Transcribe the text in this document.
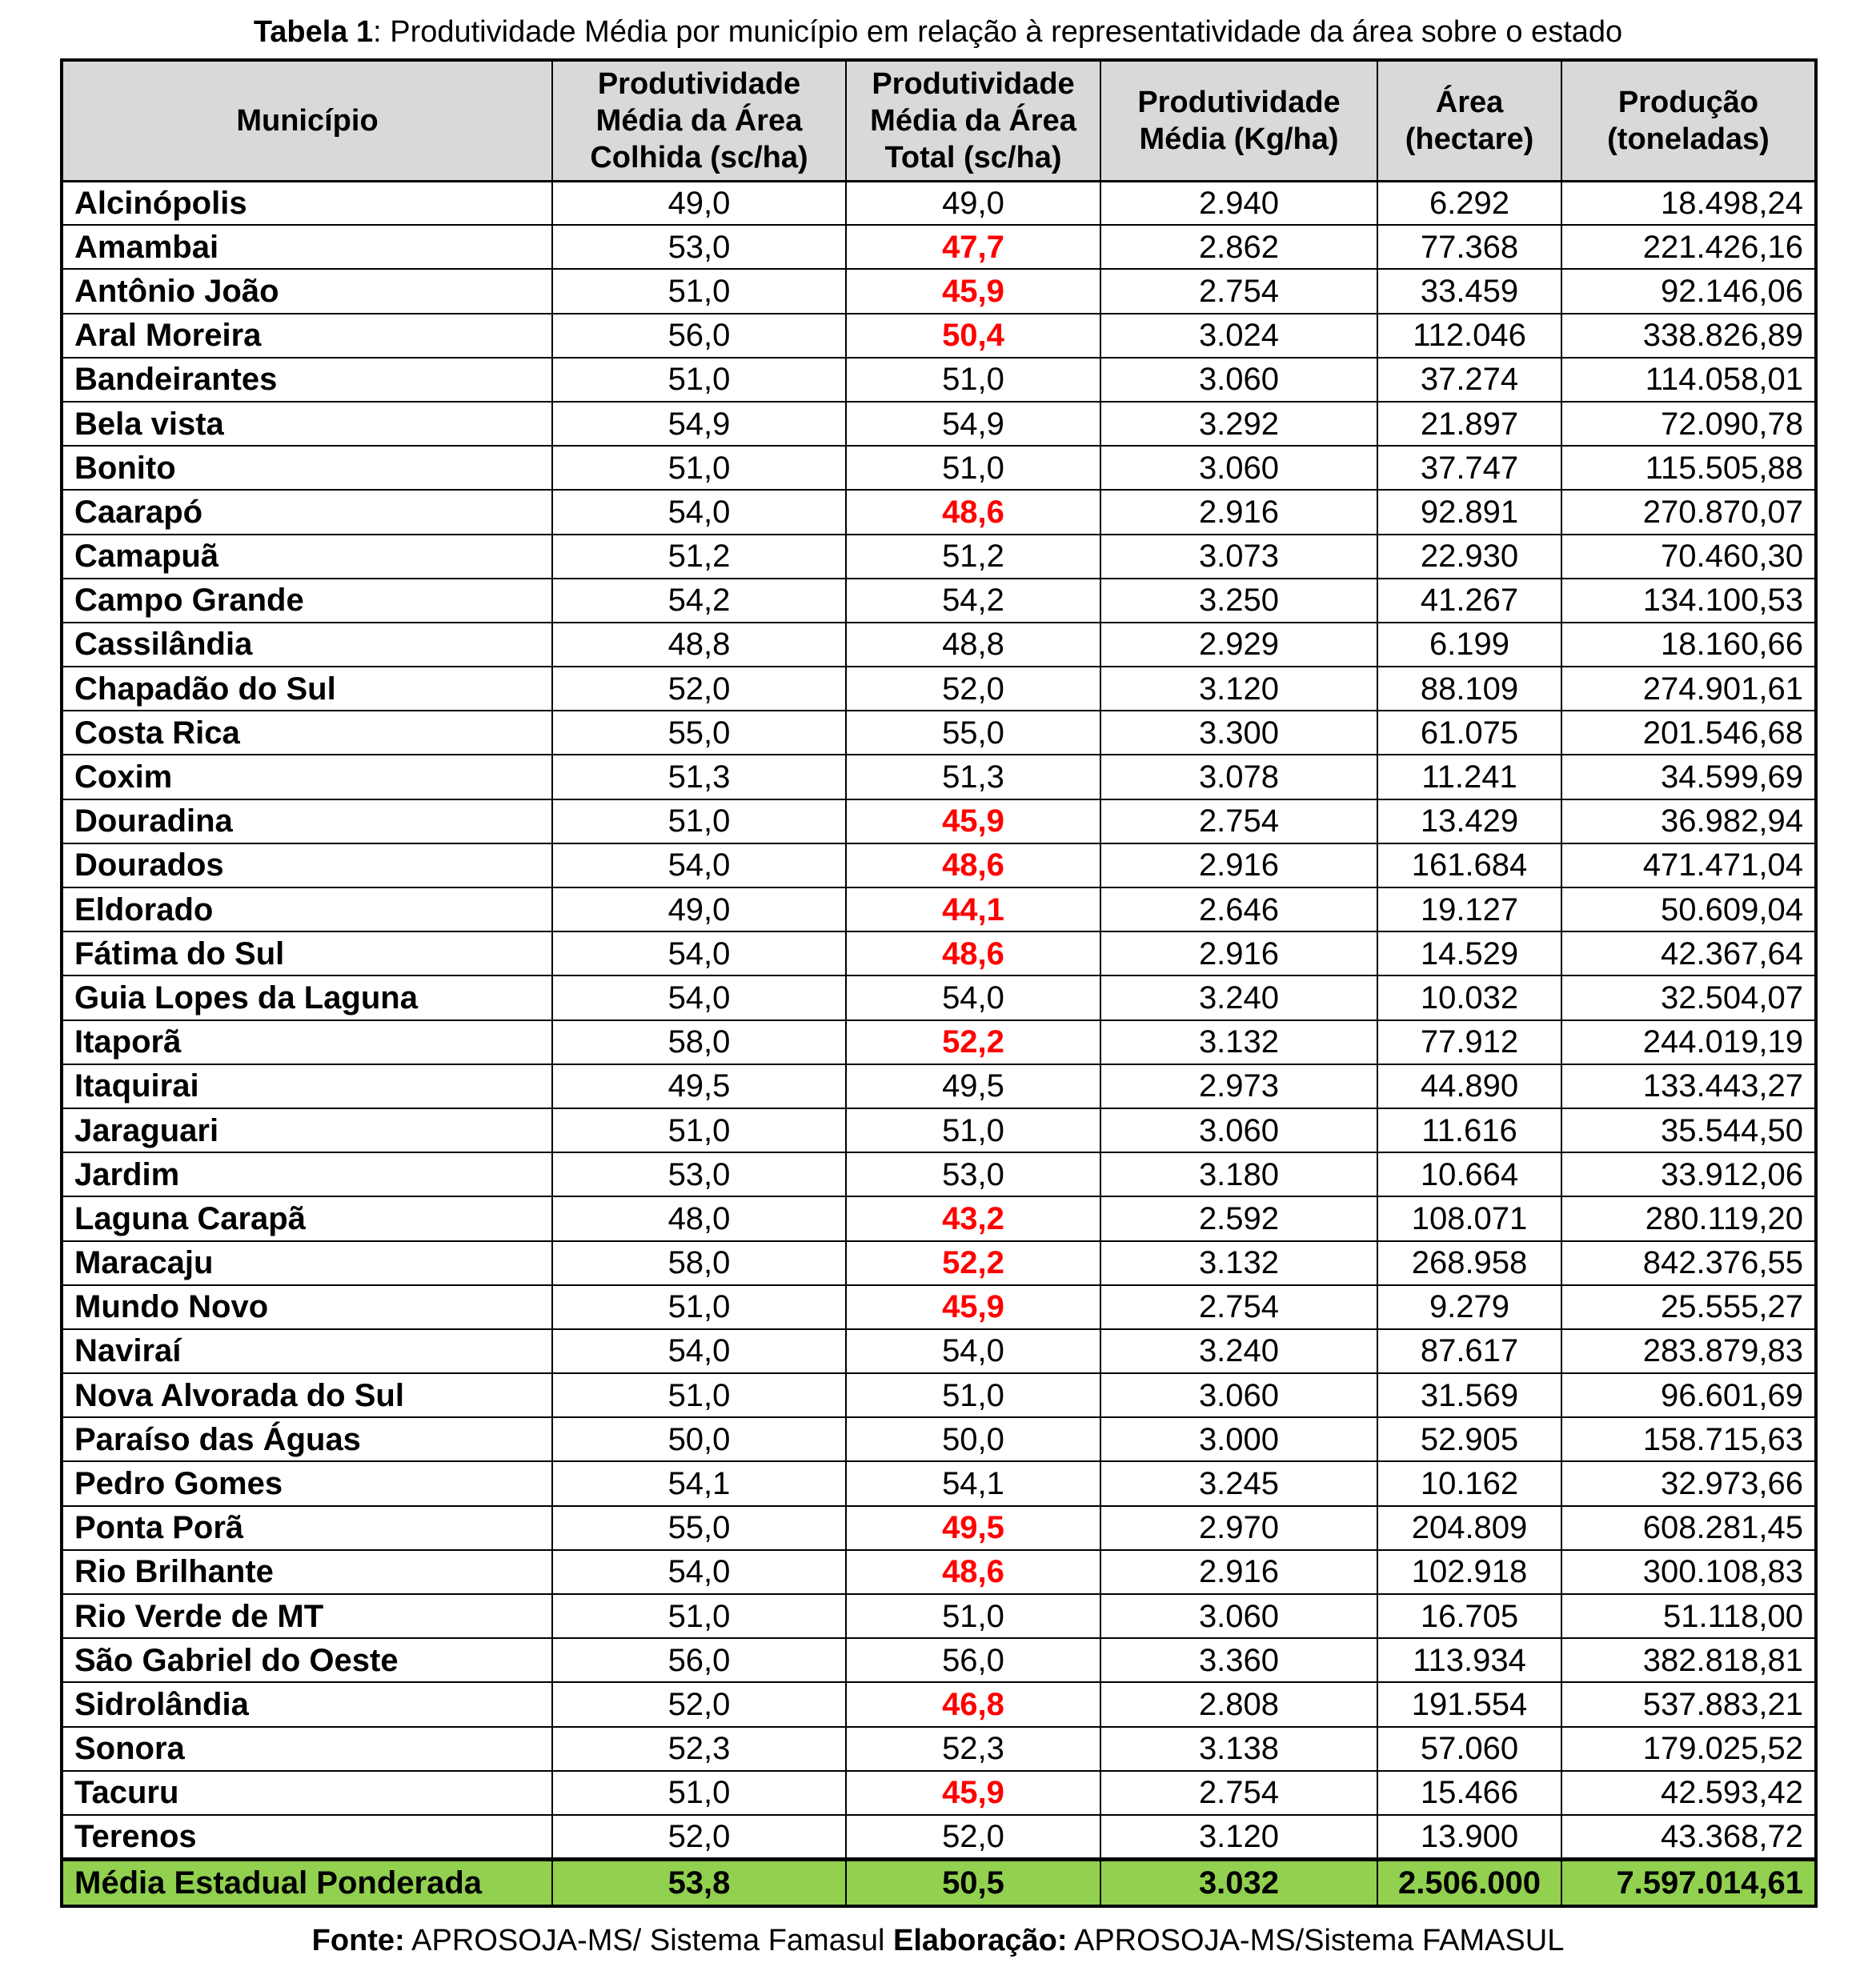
Tabela 1: Produtividade Média por município em relação à representatividade da área sobre o estado
Município	Produtividade Média da Área Colhida (sc/ha)	Produtividade Média da Área Total (sc/ha)	Produtividade Média (Kg/ha)	Área (hectare)	Produção (toneladas)
Alcinópolis	49,0	49,0	2.940	6.292	18.498,24
Amambai	53,0	47,7	2.862	77.368	221.426,16
Antônio João	51,0	45,9	2.754	33.459	92.146,06
Aral Moreira	56,0	50,4	3.024	112.046	338.826,89
Bandeirantes	51,0	51,0	3.060	37.274	114.058,01
Bela vista	54,9	54,9	3.292	21.897	72.090,78
Bonito	51,0	51,0	3.060	37.747	115.505,88
Caarapó	54,0	48,6	2.916	92.891	270.870,07
Camapuã	51,2	51,2	3.073	22.930	70.460,30
Campo Grande	54,2	54,2	3.250	41.267	134.100,53
Cassilândia	48,8	48,8	2.929	6.199	18.160,66
Chapadão do Sul	52,0	52,0	3.120	88.109	274.901,61
Costa Rica	55,0	55,0	3.300	61.075	201.546,68
Coxim	51,3	51,3	3.078	11.241	34.599,69
Douradina	51,0	45,9	2.754	13.429	36.982,94
Dourados	54,0	48,6	2.916	161.684	471.471,04
Eldorado	49,0	44,1	2.646	19.127	50.609,04
Fátima do Sul	54,0	48,6	2.916	14.529	42.367,64
Guia Lopes da Laguna	54,0	54,0	3.240	10.032	32.504,07
Itaporã	58,0	52,2	3.132	77.912	244.019,19
Itaquirai	49,5	49,5	2.973	44.890	133.443,27
Jaraguari	51,0	51,0	3.060	11.616	35.544,50
Jardim	53,0	53,0	3.180	10.664	33.912,06
Laguna Carapã	48,0	43,2	2.592	108.071	280.119,20
Maracaju	58,0	52,2	3.132	268.958	842.376,55
Mundo Novo	51,0	45,9	2.754	9.279	25.555,27
Naviraí	54,0	54,0	3.240	87.617	283.879,83
Nova Alvorada do Sul	51,0	51,0	3.060	31.569	96.601,69
Paraíso das Águas	50,0	50,0	3.000	52.905	158.715,63
Pedro Gomes	54,1	54,1	3.245	10.162	32.973,66
Ponta Porã	55,0	49,5	2.970	204.809	608.281,45
Rio Brilhante	54,0	48,6	2.916	102.918	300.108,83
Rio Verde de MT	51,0	51,0	3.060	16.705	51.118,00
São Gabriel do Oeste	56,0	56,0	3.360	113.934	382.818,81
Sidrolândia	52,0	46,8	2.808	191.554	537.883,21
Sonora	52,3	52,3	3.138	57.060	179.025,52
Tacuru	51,0	45,9	2.754	15.466	42.593,42
Terenos	52,0	52,0	3.120	13.900	43.368,72
Média Estadual Ponderada	53,8	50,5	3.032	2.506.000	7.597.014,61
Fonte: APROSOJA-MS/ Sistema Famasul Elaboração: APROSOJA-MS/Sistema FAMASUL
